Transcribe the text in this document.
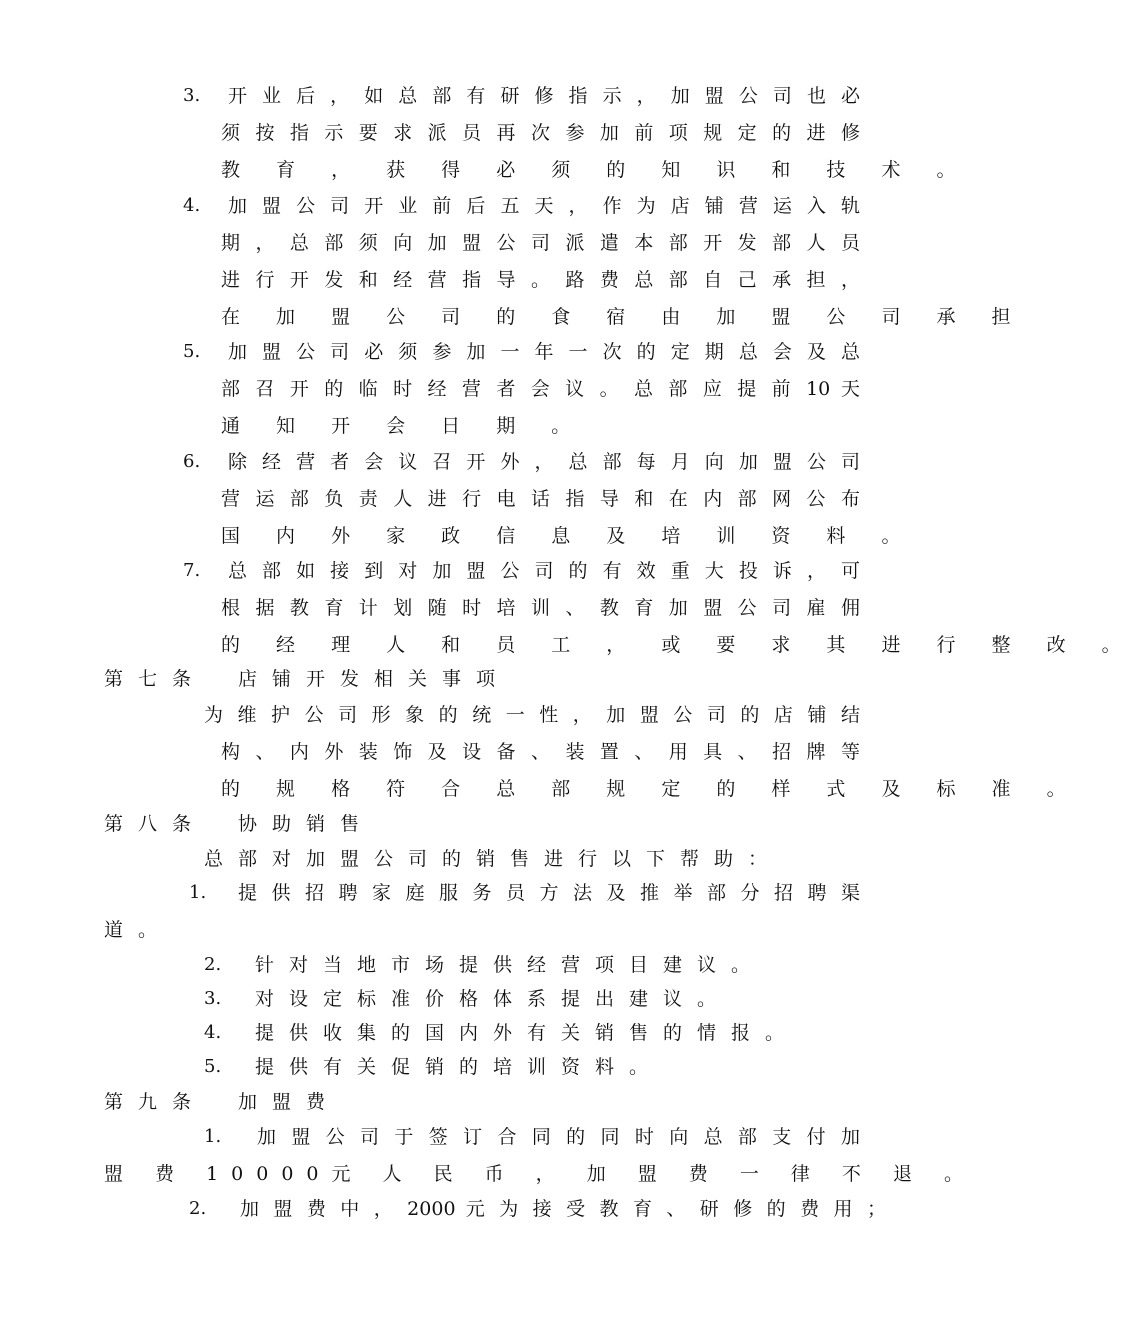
3. 开 业 后 ， 如 总 部 有 研 修 指 示 ， 加 盟 公 司 也 必
须 按 指 示 要 求 派 员 再 次 参 加 前 项 规 定 的 进 修
教 育 ， 获 得 必 须 的 知 识 和 技 术 。
4. 加 盟 公 司 开 业 前 后 五 天 ， 作 为 店 铺 营 运 入 轨
期 ， 总 部 须 向 加 盟 公 司 派 遣 本 部 开 发 部 人 员
进 行 开 发 和 经 营 指 导 。 路 费 总 部 自 己 承 担 ，
在 加 盟 公 司 的 食 宿 由 加 盟 公 司 承 担
5. 加 盟 公 司 必 须 参 加 一 年 一 次 的 定 期 总 会 及 总
部 召 开 的 临 时 经 营 者 会 议 。 总 部 应 提 前 10 天
通 知 开 会 日 期 。
6. 除 经 营 者 会 议 召 开 外 ， 总 部 每 月 向 加 盟 公 司
营 运 部 负 责 人 进 行 电 话 指 导 和 在 内 部 网 公 布
国 内 外 家 政 信 息 及 培 训 资 料 。
7. 总 部 如 接 到 对 加 盟 公 司 的 有 效 重 大 投 诉 ， 可
根 据 教 育 计 划 随 时 培 训 、 教 育 加 盟 公 司 雇 佣
的 经 理 人 和 员 工 ， 或 要 求 其 进 行 整 改 。
第七条	店铺开发相关事项
为 维 护 公 司 形 象 的 统 一 性 ， 加 盟 公 司 的 店 铺 结
构 、 内 外 装 饰 及 设 备 、 装 置 、 用 具 、 招 牌 等
的 规 格 符 合 总 部 规 定 的 样 式 及 标 准 。
第八条	协助销售
总部对加盟公司的销售进行以下帮助：
1. 提 供 招 聘 家 庭 服 务 员 方 法 及 推 举 部 分 招 聘 渠
道。
2. 针对当地市场提供经营项目建议。
3. 对设定标准价格体系提出建议。
4. 提供收集的国内外有关销售的情报。
5. 提供有关促销的培训资料。
第九条	加盟费
1. 加 盟 公 司 于 签 订 合 同 的 同 时 向 总 部 支 付 加
盟 费 10000元 人 民 币 ， 加 盟 费 一 律 不 退 。
2. 加 盟 费 中 ， 2000 元 为 接 受 教 育 、 研 修 的 费 用 ；
